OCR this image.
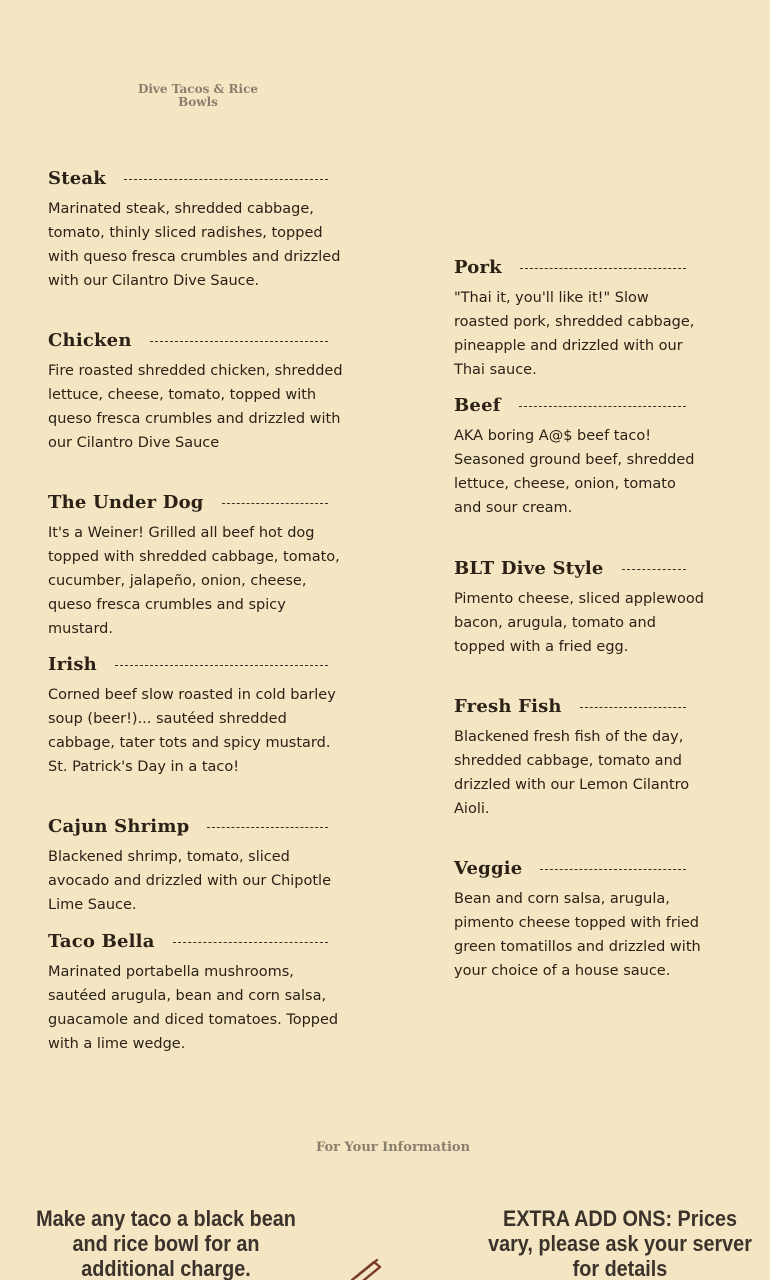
Dive Tacos & Rice Bowls
Steak
Marinated steak, shredded cabbage, tomato, thinly sliced radishes, topped with queso fresca crumbles and drizzled with our Cilantro Dive Sauce.
Chicken
Fire roasted shredded chicken, shredded lettuce, cheese, tomato, topped with queso fresca crumbles and drizzled with our Cilantro Dive Sauce
The Under Dog
It's a Weiner! Grilled all beef hot dog topped with shredded cabbage, tomato, cucumber, jalapeño, onion, cheese, queso fresca crumbles and spicy mustard.
Irish
Corned beef slow roasted in cold barley soup (beer!)... sautéed shredded cabbage, tater tots and spicy mustard. St. Patrick's Day in a taco!
Cajun Shrimp
Blackened shrimp, tomato, sliced avocado and drizzled with our Chipotle Lime Sauce.
Taco Bella
Marinated portabella mushrooms, sautéed arugula, bean and corn salsa, guacamole and diced tomatoes. Topped with a lime wedge.
Pork
"Thai it, you'll like it!" Slow roasted pork, shredded cabbage, pineapple and drizzled with our Thai sauce.
Beef
AKA boring A@$ beef taco! Seasoned ground beef, shredded lettuce, cheese, onion, tomato and sour cream.
BLT Dive Style
Pimento cheese, sliced applewood bacon, arugula, tomato and topped with a fried egg.
Fresh Fish
Blackened fresh fish of the day, shredded cabbage, tomato and drizzled with our Lemon Cilantro Aioli.
Veggie
Bean and corn salsa, arugula, pimento cheese topped with fried green tomatillos and drizzled with your choice of a house sauce.
For Your Information
Make any taco a black bean and rice bowl for an additional charge.
EXTRA ADD ONS: Prices vary, please ask your server for details
